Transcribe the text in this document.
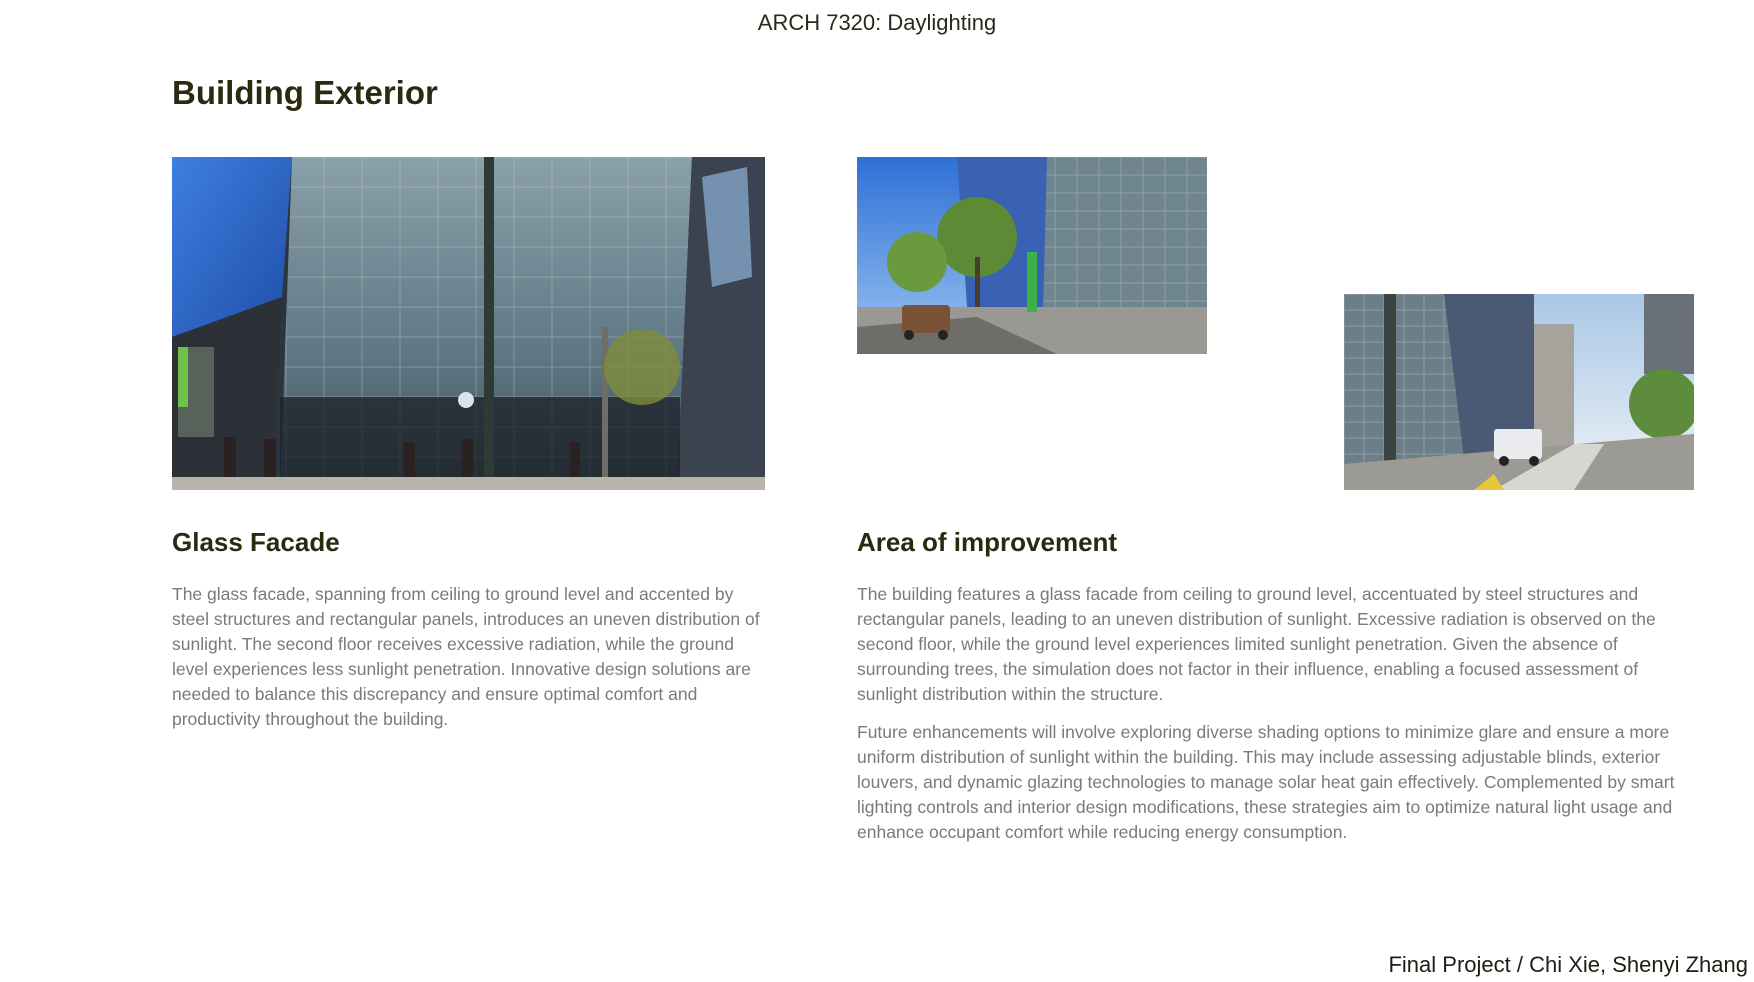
ARCH 7320: Daylighting
Building Exterior
Glass Facade

The glass facade, spanning from ceiling to ground level and accented by steel structures and rectangular panels, introduces an uneven distribution of sunlight. The second floor receives excessive radiation, while the ground level experiences less sunlight penetration. Innovative design solutions are needed to balance this discrepancy and ensure optimal comfort and productivity throughout the building.

Area of improvement

The building features a glass facade from ceiling to ground level, accentuated by steel structures and rectangular panels, leading to an uneven distribution of sunlight. Excessive radiation is observed on the second floor, while the ground level experiences limited sunlight penetration. Given the absence of surrounding trees, the simulation does not factor in their influence, enabling a focused assessment of sunlight distribution within the structure.

Future enhancements will involve exploring diverse shading options to minimize glare and ensure a more uniform distribution of sunlight within the building. This may include assessing adjustable blinds, exterior louvers, and dynamic glazing technologies to manage solar heat gain effectively. Complemented by smart lighting controls and interior design modifications, these strategies aim to optimize natural light usage and enhance occupant comfort while reducing energy consumption.

Final Project / Chi Xie, Shenyi Zhang
